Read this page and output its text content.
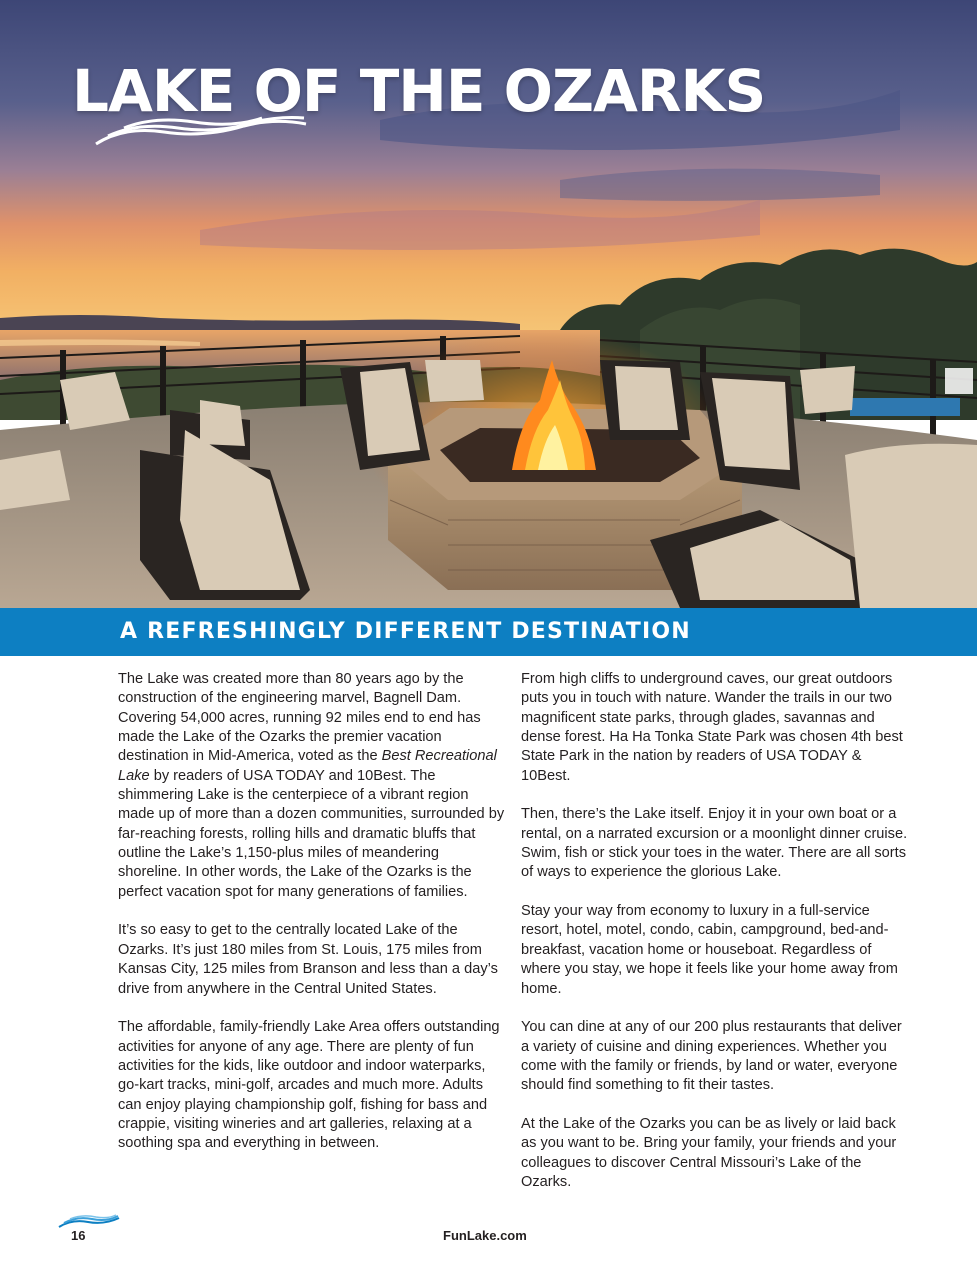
LAKE OF THE OZARKS
A REFRESHINGLY DIFFERENT DESTINATION

The Lake was created more than 80 years ago by the construction of the engineering marvel, Bagnell Dam. Covering 54,000 acres, running 92 miles end to end has made the Lake of the Ozarks the premier vacation destination in Mid-America, voted as the Best Recreational Lake by readers of USA TODAY and 10Best. The shimmering Lake is the centerpiece of a vibrant region made up of more than a dozen communities, surrounded by far-reaching forests, rolling hills and dramatic bluffs that outline the Lake’s 1,150-plus miles of meandering shoreline. In other words, the Lake of the Ozarks is the perfect vacation spot for many generations of families.

It’s so easy to get to the centrally located Lake of the Ozarks. It’s just 180 miles from St. Louis, 175 miles from Kansas City, 125 miles from Branson and less than a day’s drive from anywhere in the Central United States.

The affordable, family-friendly Lake Area offers outstanding activities for anyone of any age. There are plenty of fun activities for the kids, like outdoor and indoor waterparks, go-kart tracks, mini-golf, arcades and much more. Adults can enjoy playing championship golf, fishing for bass and crappie, visiting wineries and art galleries, relaxing at a soothing spa and everything in between.

From high cliffs to underground caves, our great outdoors puts you in touch with nature. Wander the trails in our two magnificent state parks, through glades, savannas and dense forest. Ha Ha Tonka State Park was chosen 4th best State Park in the nation by readers of USA TODAY & 10Best.

Then, there’s the Lake itself. Enjoy it in your own boat or a rental, on a narrated excursion or a moonlight dinner cruise. Swim, fish or stick your toes in the water. There are all sorts of ways to experience the glorious Lake.

Stay your way from economy to luxury in a full-service resort, hotel, motel, condo, cabin, campground, bed-and-breakfast, vacation home or houseboat. Regardless of where you stay, we hope it feels like your home away from home.

You can dine at any of our 200 plus restaurants that deliver a variety of cuisine and dining experiences. Whether you come with the family or friends, by land or water, everyone should find something to fit their tastes.

At the Lake of the Ozarks you can be as lively or laid back as you want to be. Bring your family, your friends and your colleagues to discover Central Missouri’s Lake of the Ozarks.

16	FunLake.com
